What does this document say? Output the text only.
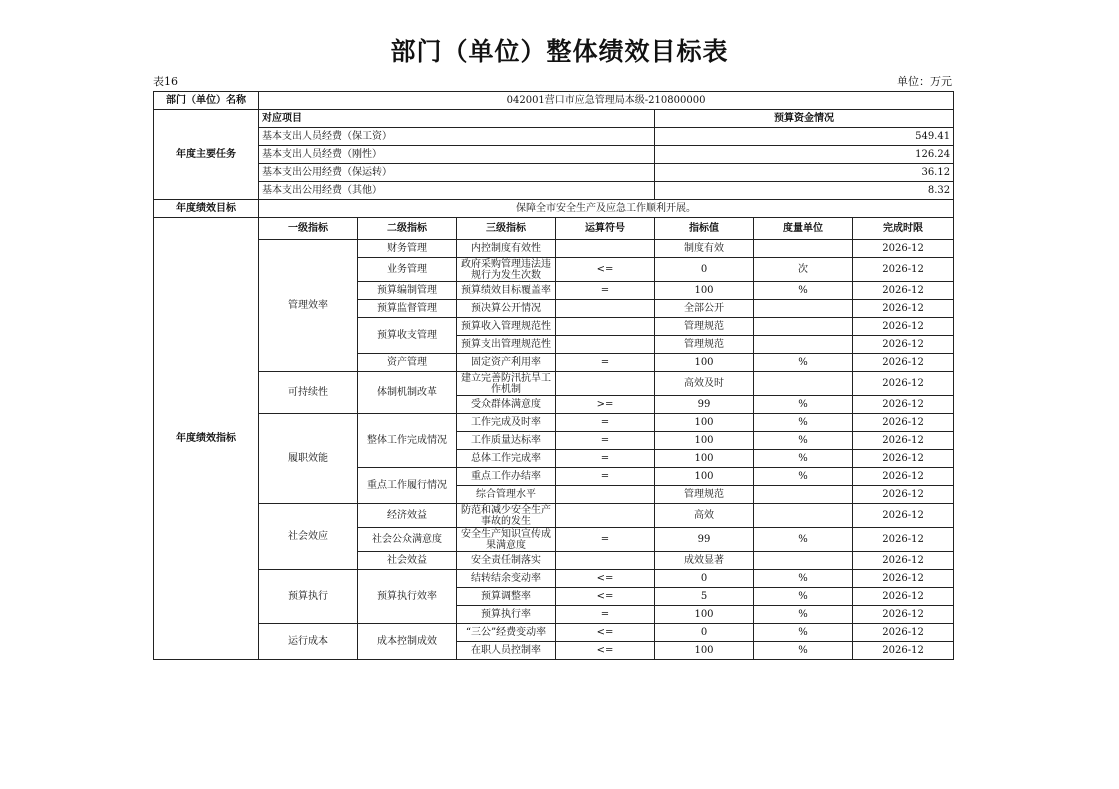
部门（单位）整体绩效目标表
表16	单位：万元
部门（单位）名称	042001营口市应急管理局本级-210800000						
年度主要任务	对应项目				预算资金情况		
	基本支出人员经费（保工资）				549.41		
	基本支出人员经费（刚性）				126.24		
	基本支出公用经费（保运转）				36.12		
	基本支出公用经费（其他）				8.32		
年度绩效目标	保障全市安全生产及应急工作顺利开展。						
年度绩效指标	一级指标	二级指标	三级指标	运算符号	指标值	度量单位	完成时限
	管理效率	财务管理	内控制度有效性		制度有效		2026-12
		业务管理	政府采购管理违法违规行为发生次数	<=	0	次	2026-12
		预算编制管理	预算绩效目标覆盖率	=	100	%	2026-12
		预算监督管理	预决算公开情况		全部公开		2026-12
		预算收支管理	预算收入管理规范性		管理规范		2026-12
			预算支出管理规范性		管理规范		2026-12
		资产管理	固定资产利用率	=	100	%	2026-12
	可持续性	体制机制改革	建立完善防汛抗旱工作机制		高效及时		2026-12
			受众群体满意度	>=	99	%	2026-12
	履职效能	整体工作完成情况	工作完成及时率	=	100	%	2026-12
			工作质量达标率	=	100	%	2026-12
			总体工作完成率	=	100	%	2026-12
		重点工作履行情况	重点工作办结率	=	100	%	2026-12
			综合管理水平		管理规范		2026-12
	社会效应	经济效益	防范和减少安全生产事故的发生		高效		2026-12
		社会公众满意度	安全生产知识宣传成果满意度	=	99	%	2026-12
		社会效益	安全责任制落实		成效显著		2026-12
	预算执行	预算执行效率	结转结余变动率	<=	0	%	2026-12
			预算调整率	<=	5	%	2026-12
			预算执行率	=	100	%	2026-12
	运行成本	成本控制成效	“三公”经费变动率	<=	0	%	2026-12
			在职人员控制率	<=	100	%	2026-12
